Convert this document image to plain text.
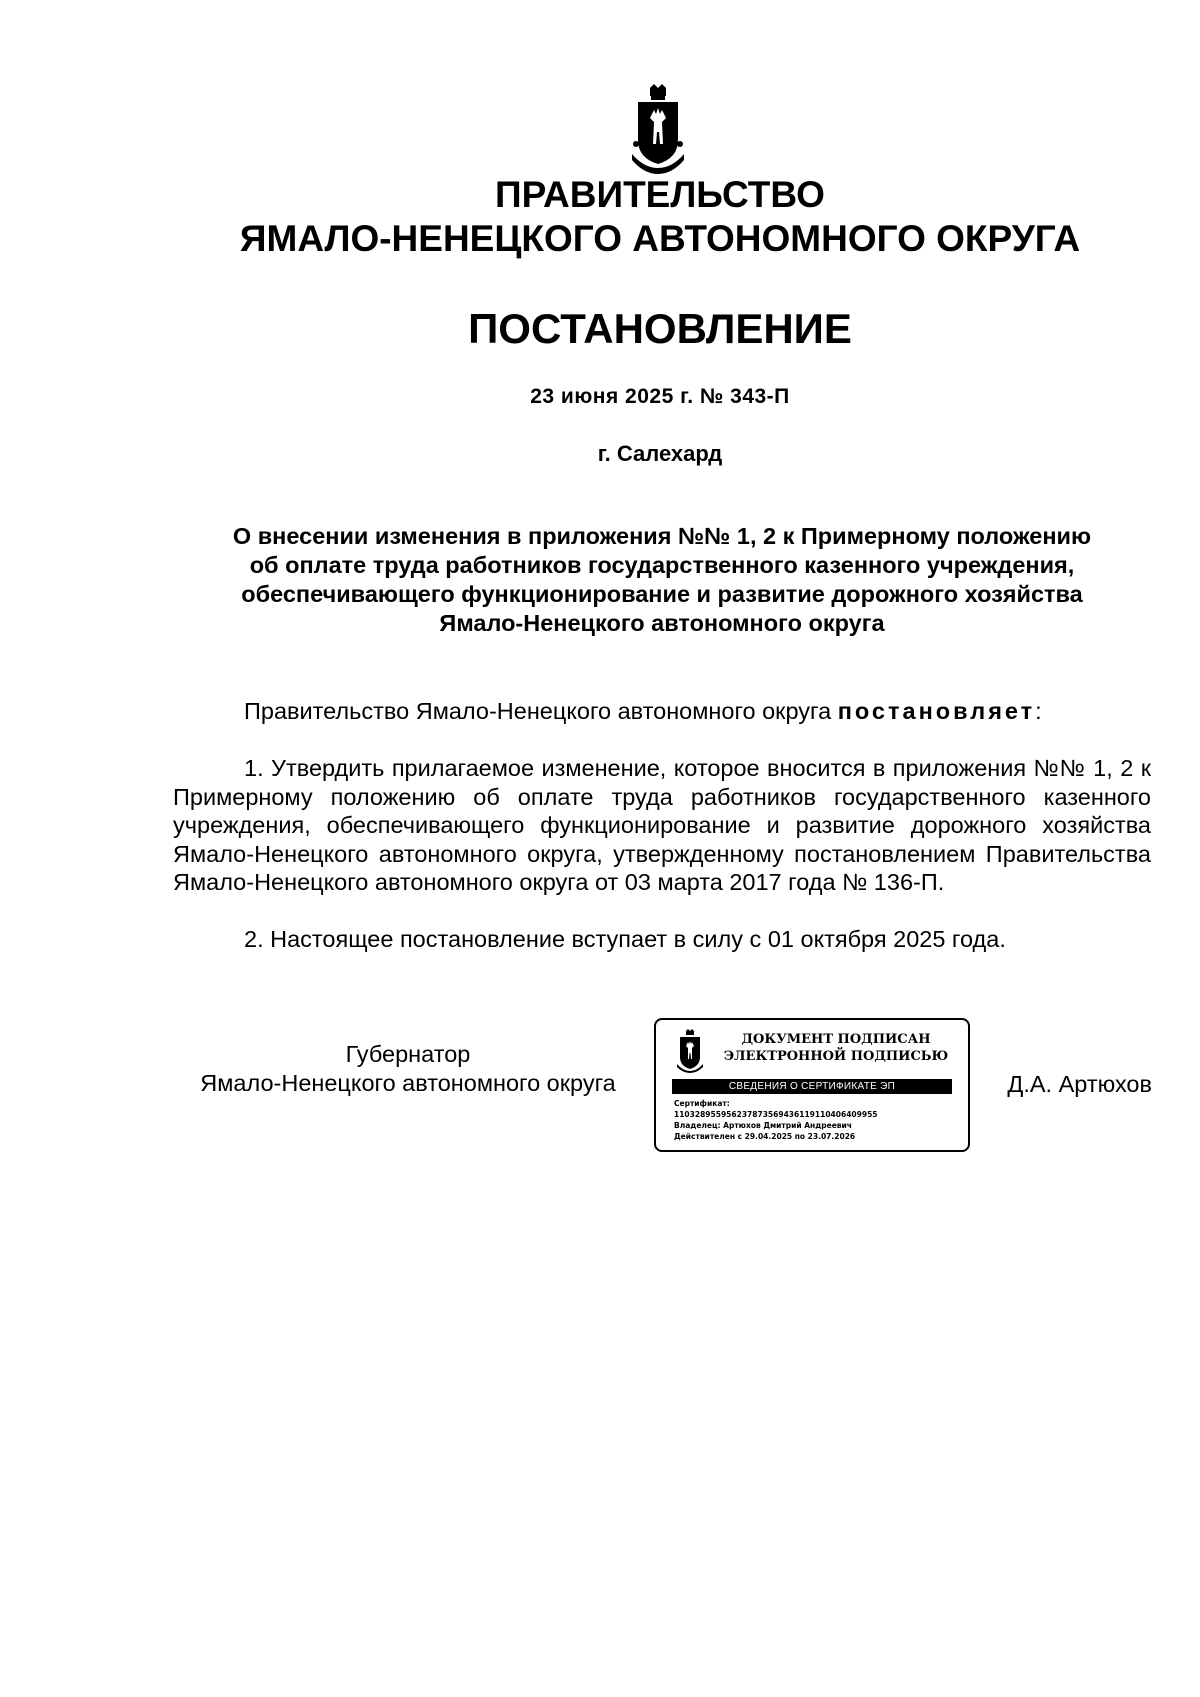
ПРАВИТЕЛЬСТВО

ЯМАЛО-НЕНЕЦКОГО АВТОНОМНОГО ОКРУГА

ПОСТАНОВЛЕНИЕ

23 июня 2025 г. № 343-П
г. Салехард
О внесении изменения в приложения №№ 1, 2 к Примерному положению
об оплате труда работников государственного казенного учреждения,
обеспечивающего функционирование и развитие дорожного хозяйства
Ямало-Ненецкого автономного округа

Правительство Ямало-Ненецкого автономного округа постановляет:

1. Утвердить прилагаемое изменение, которое вносится в приложения №№ 1, 2 к Примерному положению об оплате труда работников государственного казенного учреждения, обеспечивающего функционирование и развитие дорожного хозяйства Ямало-Ненецкого автономного округа, утвержденному постановлением Правительства Ямало-Ненецкого автономного округа от 03 марта 2017 года № 136-П.

2. Настоящее постановление вступает в силу с 01 октября 2025 года.

Губернатор
Ямало-Ненецкого автономного округа
ДОКУМЕНТ ПОДПИСАН
ЭЛЕКТРОННОЙ ПОДПИСЬЮ
СВЕДЕНИЯ О СЕРТИФИКАТЕ ЭП
Сертификат:
110328955956237873569436119110406409955
Владелец: Артюхов Дмитрий Андреевич
Действителен с 29.04.2025 по 23.07.2026
Д.А. Артюхов
